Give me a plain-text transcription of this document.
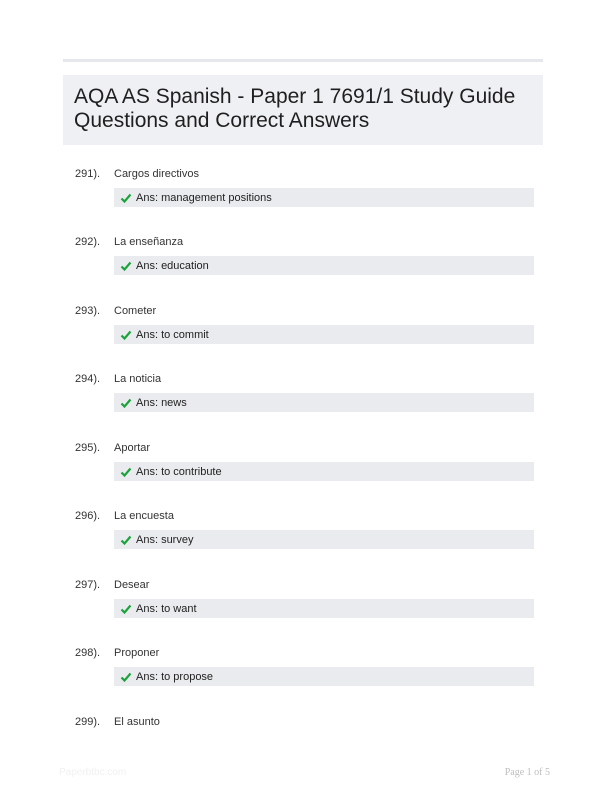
AQA AS Spanish - Paper 1 7691/1 Study Guide Questions and Correct Answers
291). Cargos directivos
Ans: management positions
292). La enseñanza
Ans: education
293). Cometer
Ans: to commit
294). La noticia
Ans: news
295). Aportar
Ans: to contribute
296). La encuesta
Ans: survey
297). Desear
Ans: to want
298). Proponer
Ans: to propose
299). El asunto
Paperbtbc.com	Page 1 of 5
